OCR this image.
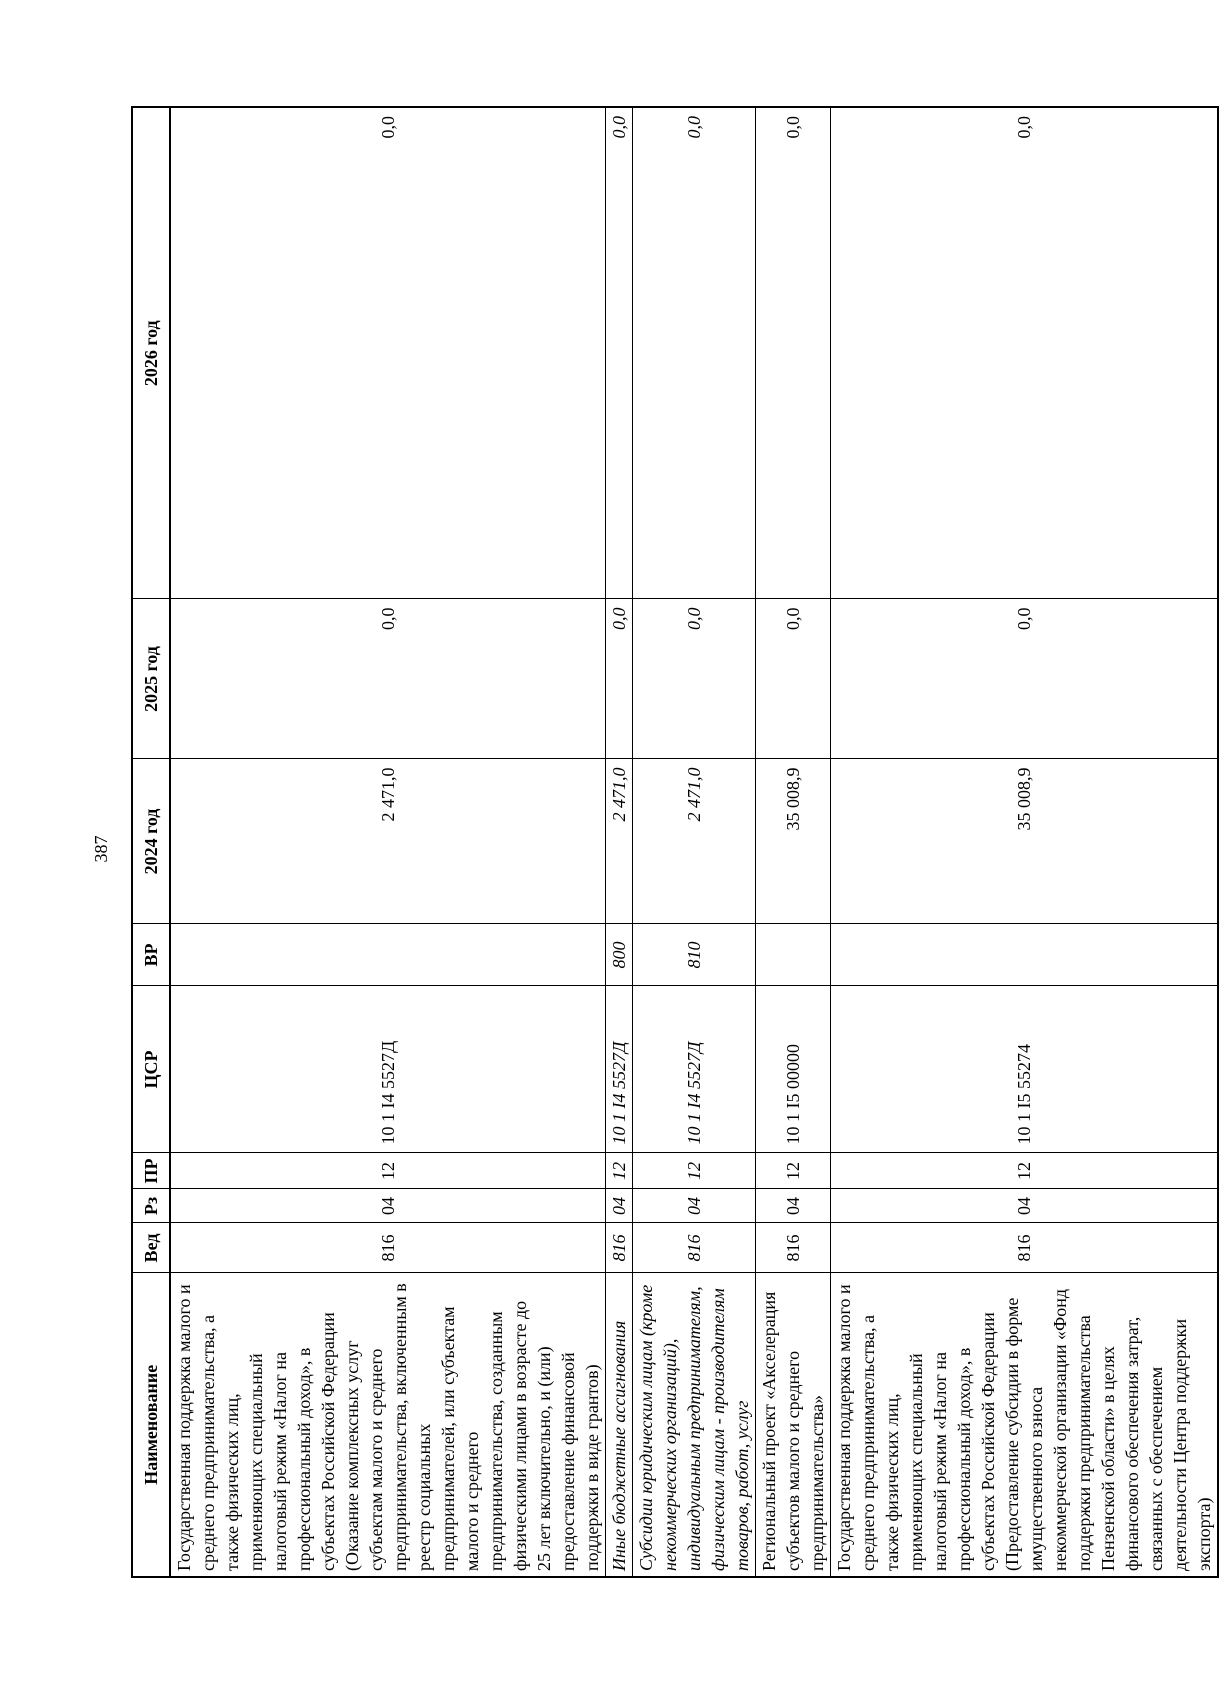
387
Наименование	Вед	Рз	ПР	ЦСР	ВР	2024 год	2025 год	2026 год
Государственная поддержка малого и среднего предпринимательства, а также физических лиц, применяющих специальный налоговый режим «Налог на профессиональный доход», в субъектах Российской Федерации (Оказание комплексных услуг субъектам малого и среднего предпринимательства, включенным в реестр социальных предпринимателей, или субъектам малого и среднего предпринимательства, созданным физическими лицами в возрасте до 25 лет включительно, и (или) предоставление финансовой поддержки в виде грантов)	816	04	12	10 1 I4 5527Д		2 471,0	0,0	0,0
Иные бюджетные ассигнования	816	04	12	10 1 I4 5527Д	800	2 471,0	0,0	0,0
Субсидии юридическим лицам (кроме некоммерческих организаций), индивидуальным предпринимателям, физическим лицам - производителям товаров, работ, услуг	816	04	12	10 1 I4 5527Д	810	2 471,0	0,0	0,0
Региональный проект «Акселерация субъектов малого и среднего предпринимательства»	816	04	12	10 1 I5 00000		35 008,9	0,0	0,0
Государственная поддержка малого и среднего предпринимательства, а также физических лиц, применяющих специальный налоговый режим «Налог на профессиональный доход», в субъектах Российской Федерации (Предоставление субсидии в форме имущественного взноса некоммерческой организации «Фонд поддержки предпринимательства Пензенской области» в целях финансового обеспечения затрат, связанных с обеспечением деятельности Центра поддержки экспорта)	816	04	12	10 1 I5 55274		35 008,9	0,0	0,0
